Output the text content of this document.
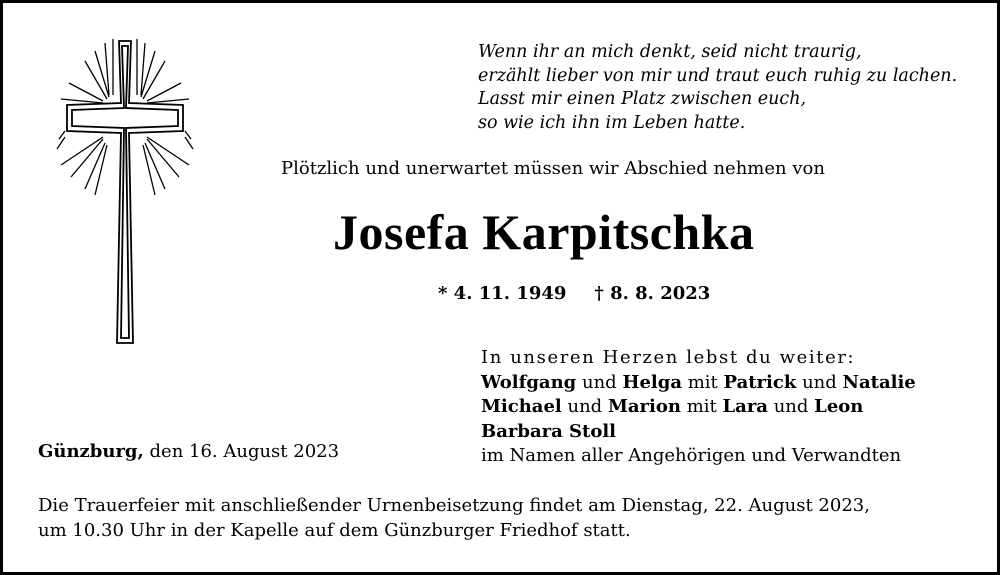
Wenn ihr an mich denkt, seid nicht traurig,
erzählt lieber von mir und traut euch ruhig zu lachen.
Lasst mir einen Platz zwischen euch,
so wie ich ihn im Leben hatte.

Plötzlich und unerwartet müssen wir Abschied nehmen von
Josefa Karpitschka
* 4. 11. 1949 † 8. 8. 2023
In unseren Herzen lebst du weiter:
Wolfgang und Helga mit Patrick und Natalie
Michael und Marion mit Lara und Leon
Barbara Stoll
im Namen aller Angehörigen und Verwandten
Günzburg, den 16. August 2023
Die Trauerfeier mit anschließender Urnenbeisetzung findet am Dienstag, 22. August 2023,
um 10.30 Uhr in der Kapelle auf dem Günzburger Friedhof statt.
